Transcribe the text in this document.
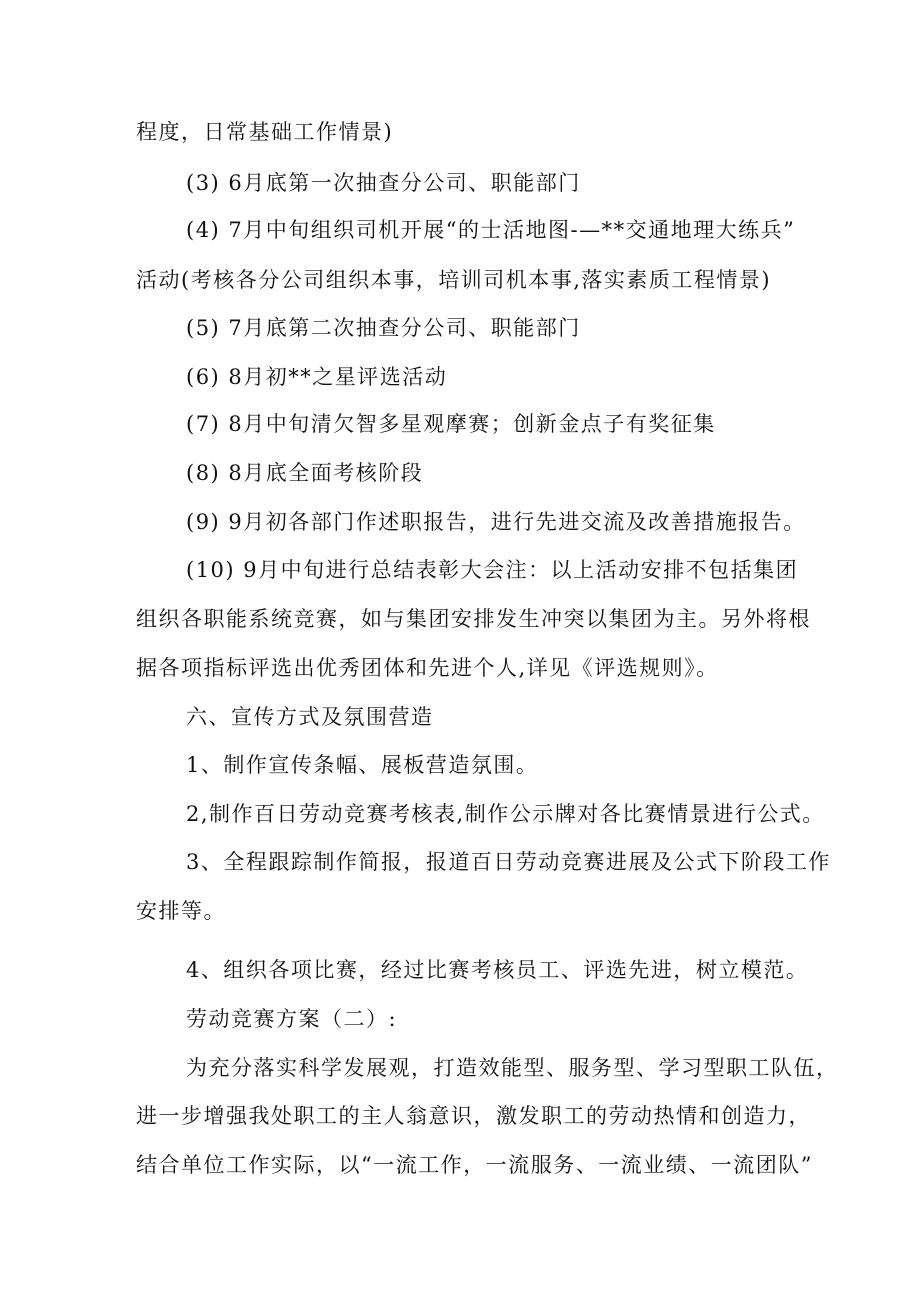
程度，日常基础工作情景)
(3) 6月底第一次抽查分公司、职能部门
(4) 7月中旬组织司机开展“的士活地图-—**交通地理大练兵”
活动(考核各分公司组织本事，培训司机本事,落实素质工程情景)
(5) 7月底第二次抽查分公司、职能部门
(6) 8月初**之星评选活动
(7) 8月中旬清欠智多星观摩赛；创新金点子有奖征集
(8) 8月底全面考核阶段
(9) 9月初各部门作述职报告，进行先进交流及改善措施报告。
(10) 9月中旬进行总结表彰大会注：以上活动安排不包括集团
组织各职能系统竞赛，如与集团安排发生冲突以集团为主。另外将根
据各项指标评选出优秀团体和先进个人,详见《评选规则》。
六、宣传方式及氛围营造
1、制作宣传条幅、展板营造氛围。
2,制作百日劳动竞赛考核表,制作公示牌对各比赛情景进行公式。
3、全程跟踪制作简报，报道百日劳动竞赛进展及公式下阶段工作
安排等。
4、组织各项比赛，经过比赛考核员工、评选先进，树立模范。
劳动竞赛方案（二）:
为充分落实科学发展观，打造效能型、服务型、学习型职工队伍，
进一步增强我处职工的主人翁意识，激发职工的劳动热情和创造力，
结合单位工作实际，以“一流工作，一流服务、一流业绩、一流团队”
